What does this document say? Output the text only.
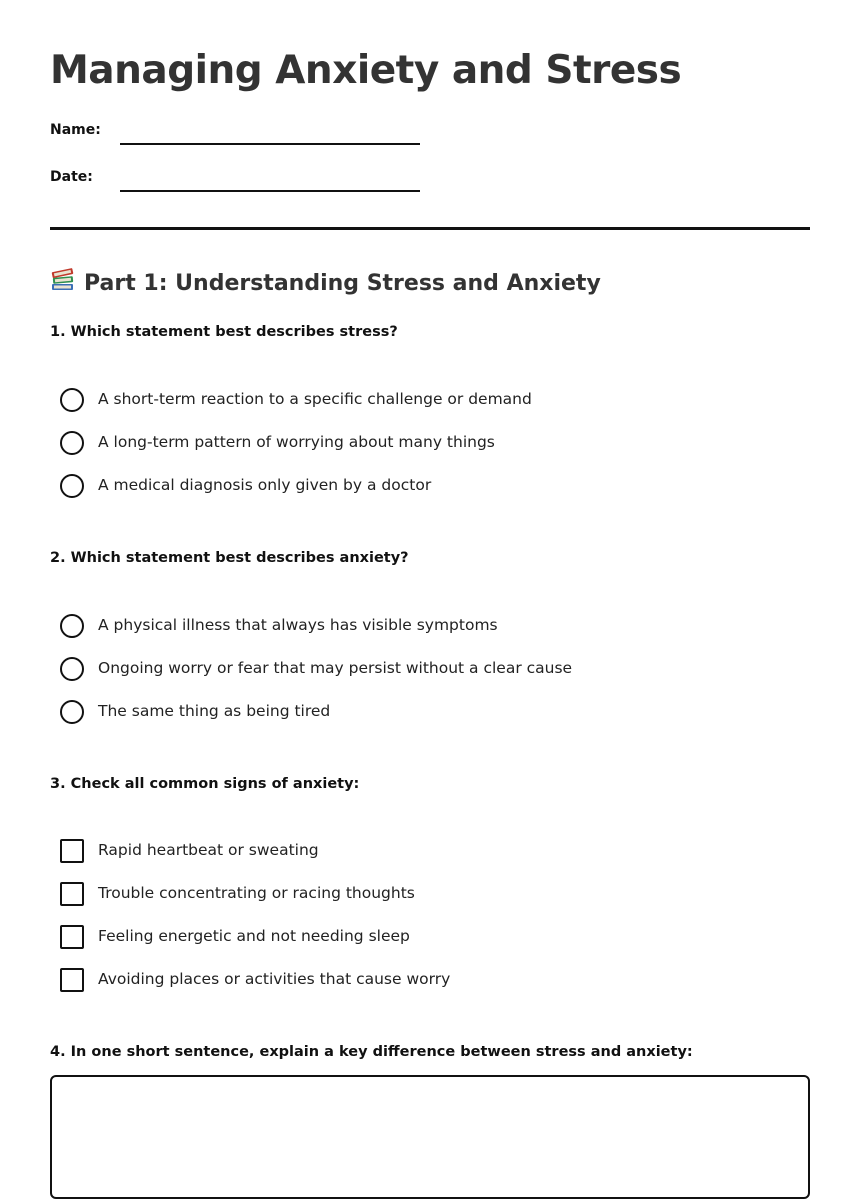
Managing Anxiety and Stress
Name:
Date:
Part 1: Understanding Stress and Anxiety

1. Which statement best describes stress?

A short-term reaction to a specific challenge or demand
A long-term pattern of worrying about many things
A medical diagnosis only given by a doctor

2. Which statement best describes anxiety?

A physical illness that always has visible symptoms
Ongoing worry or fear that may persist without a clear cause
The same thing as being tired

3. Check all common signs of anxiety:

Rapid heartbeat or sweating
Trouble concentrating or racing thoughts
Feeling energetic and not needing sleep
Avoiding places or activities that cause worry

4. In one short sentence, explain a key difference between stress and anxiety:
